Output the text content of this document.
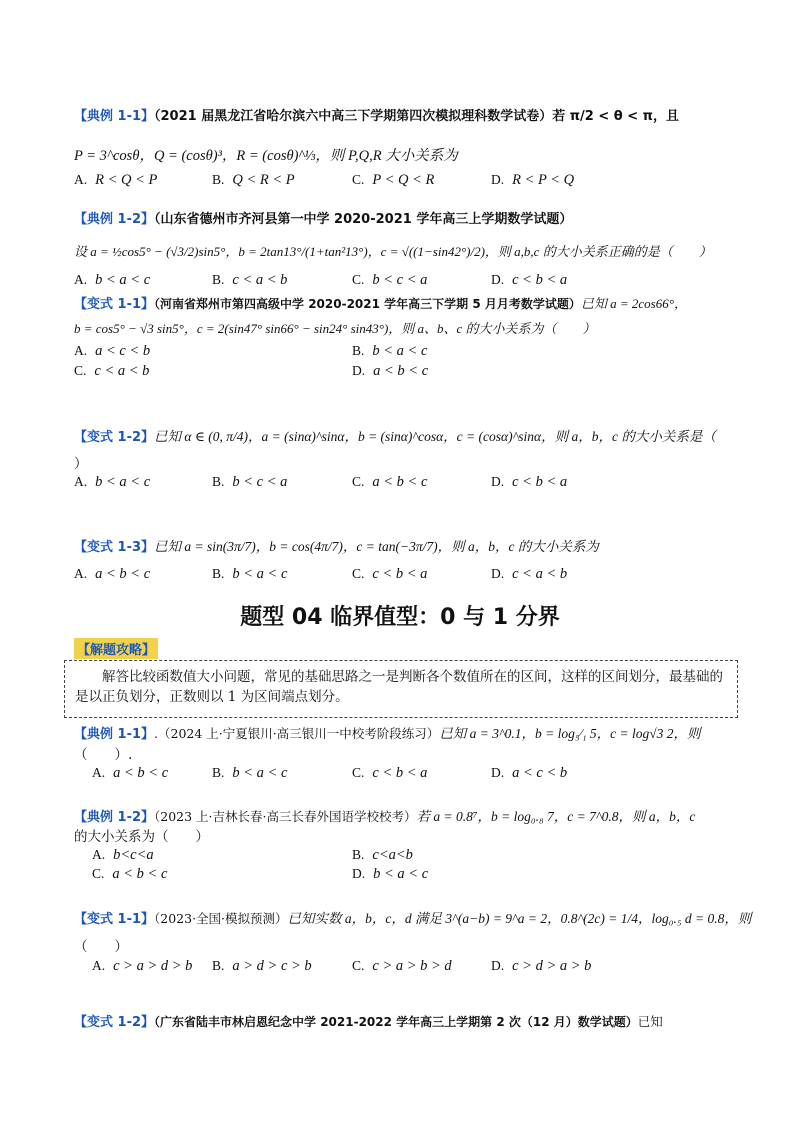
【典例 1-1】（2021 届黑龙江省哈尔滨六中高三下学期第四次模拟理科数学试卷）若 π/2 < θ < π，且
P = 3^cosθ，Q = (cosθ)³，R = (cosθ)^⅓，则 P,Q,R 大小关系为
A. R < Q < P	B. Q < R < P	C. P < Q < R	D. R < P < Q
【典例 1-2】（山东省德州市齐河县第一中学 2020-2021 学年高三上学期数学试题）
设 a = ½cos5° − (√3/2)sin5°，b = 2tan13°/(1+tan²13°)，c = √((1−sin42°)/2)，则 a,b,c 的大小关系正确的是（　　）
A. b < a < c	B. c < a < b	C. b < c < a	D. c < b < a
【变式 1-1】（河南省郑州市第四高级中学 2020-2021 学年高三下学期 5 月月考数学试题）已知 a = 2cos66°，
b = cos5° − √3 sin5°，c = 2(sin47° sin66° − sin24° sin43°)，则 a、b、c 的大小关系为（　　）
A. a < c < b	B. b < a < c
C. c < a < b	D. a < b < c
【变式 1-2】已知 α ∈ (0, π/4)，a = (sinα)^sinα，b = (sinα)^cosα，c = (cosα)^sinα，则 a，b，c 的大小关系是（
）
A. b < a < c	B. b < c < a	C. a < b < c	D. c < b < a
【变式 1-3】已知 a = sin(3π/7)，b = cos(4π/7)，c = tan(−3π/7)，则 a，b，c 的大小关系为
A. a < b < c	B. b < a < c	C. c < b < a	D. c < a < b
题型 04 临界值型：0 与 1 分界
【解题攻略】
解答比较函数值大小问题，常见的基础思路之一是判断各个数值所在的区间，这样的区间划分，最基础的是以正负划分，正数则以 1 为区间端点划分。
【典例 1-1】.（2024 上·宁夏银川·高三银川一中校考阶段练习）已知 a = 3^0.1，b = log₅⁄₁ 5，c = log√3 2，则
（　　）.
A. a < b < c	B. b < a < c	C. c < b < a	D. a < c < b
【典例 1-2】（2023 上·吉林长春·高三长春外国语学校校考）若 a = 0.8⁷，b = log₀.₈ 7，c = 7^0.8，则 a，b，c
的大小关系为（　　）
A. b<c<a	B. c<a<b
C. a < b < c	D. b < a < c
【变式 1-1】（2023·全国·模拟预测）已知实数 a，b，c，d 满足 3^(a−b) = 9^a = 2，0.8^(2c) = 1/4，log₀.₅ d = 0.8，则
（　　）
A. c > a > d > b B. a > d > c > b	C. c > a > b > d	D. c > d > a > b
【变式 1-2】（广东省陆丰市林启恩纪念中学 2021-2022 学年高三上学期第 2 次（12 月）数学试题）已知
